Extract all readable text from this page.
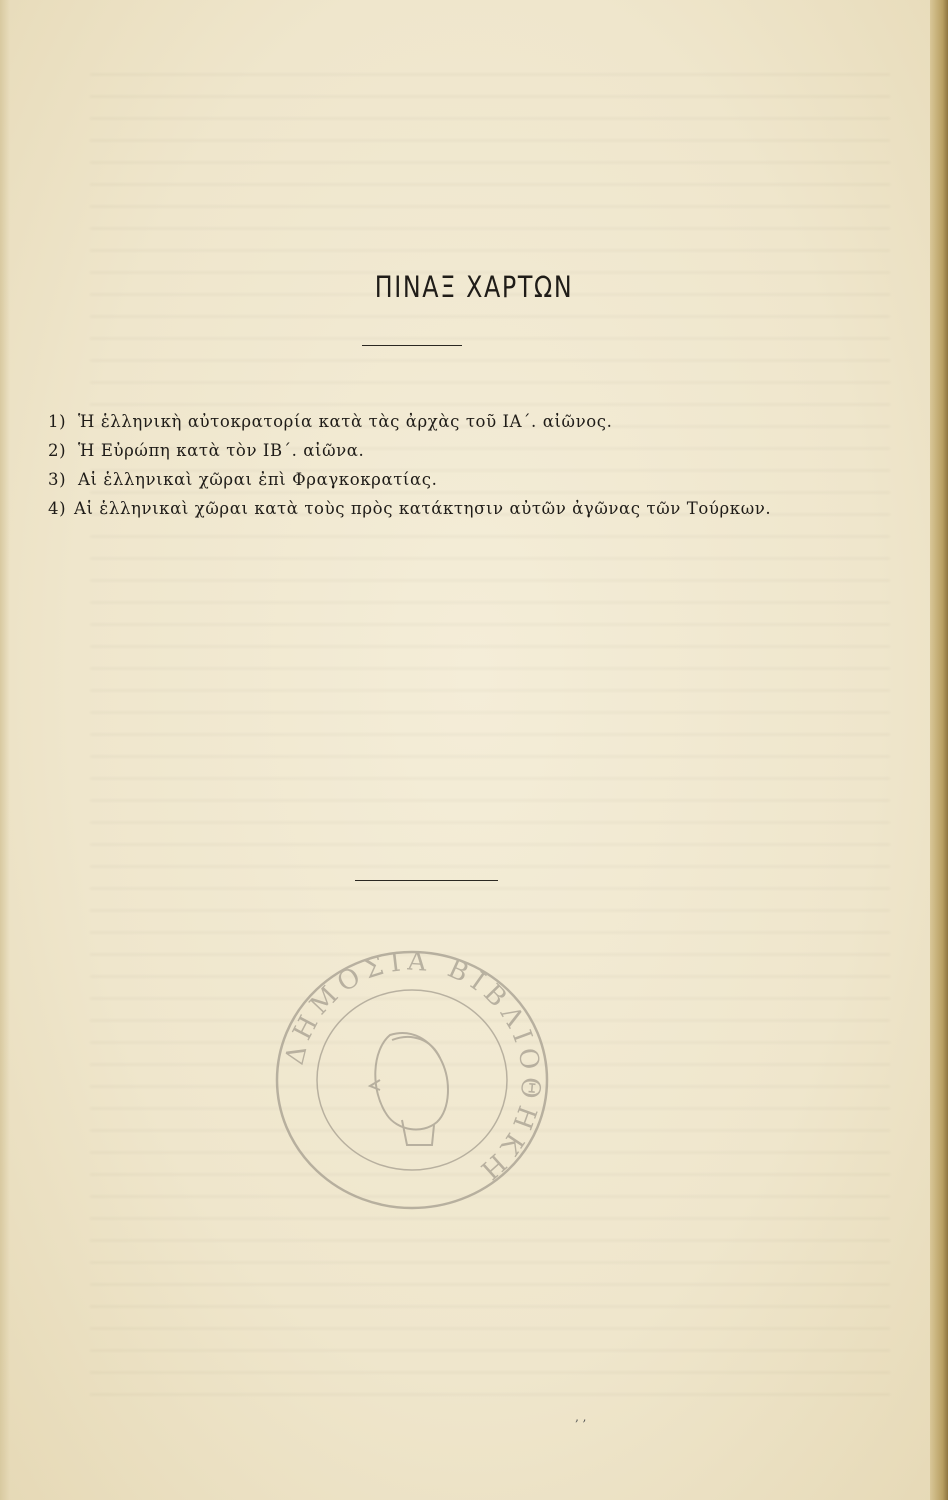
ΠΙΝΑΞ ΧΑΡΤΩΝ
1) Ἡ ἑλληνικὴ αὐτοκρατορία κατὰ τὰς ἀρχὰς τοῦ ΙΑ΄. αἰῶνος.
2) Ἡ Εὐρώπη κατὰ τὸν ΙΒ΄. αἰῶνα.
3) Αἱ ἑλληνικαὶ χῶραι ἐπὶ Φραγκοκρατίας.
4) Αἱ ἑλληνικαὶ χῶραι κατὰ τοὺς πρὸς κατάκτησιν αὐτῶν ἀγῶνας τῶν Τούρκων.
ΔΗΜΟΣΙΑ ΒΙΒΛΙΟΘΗΚΗ
‚ ,
